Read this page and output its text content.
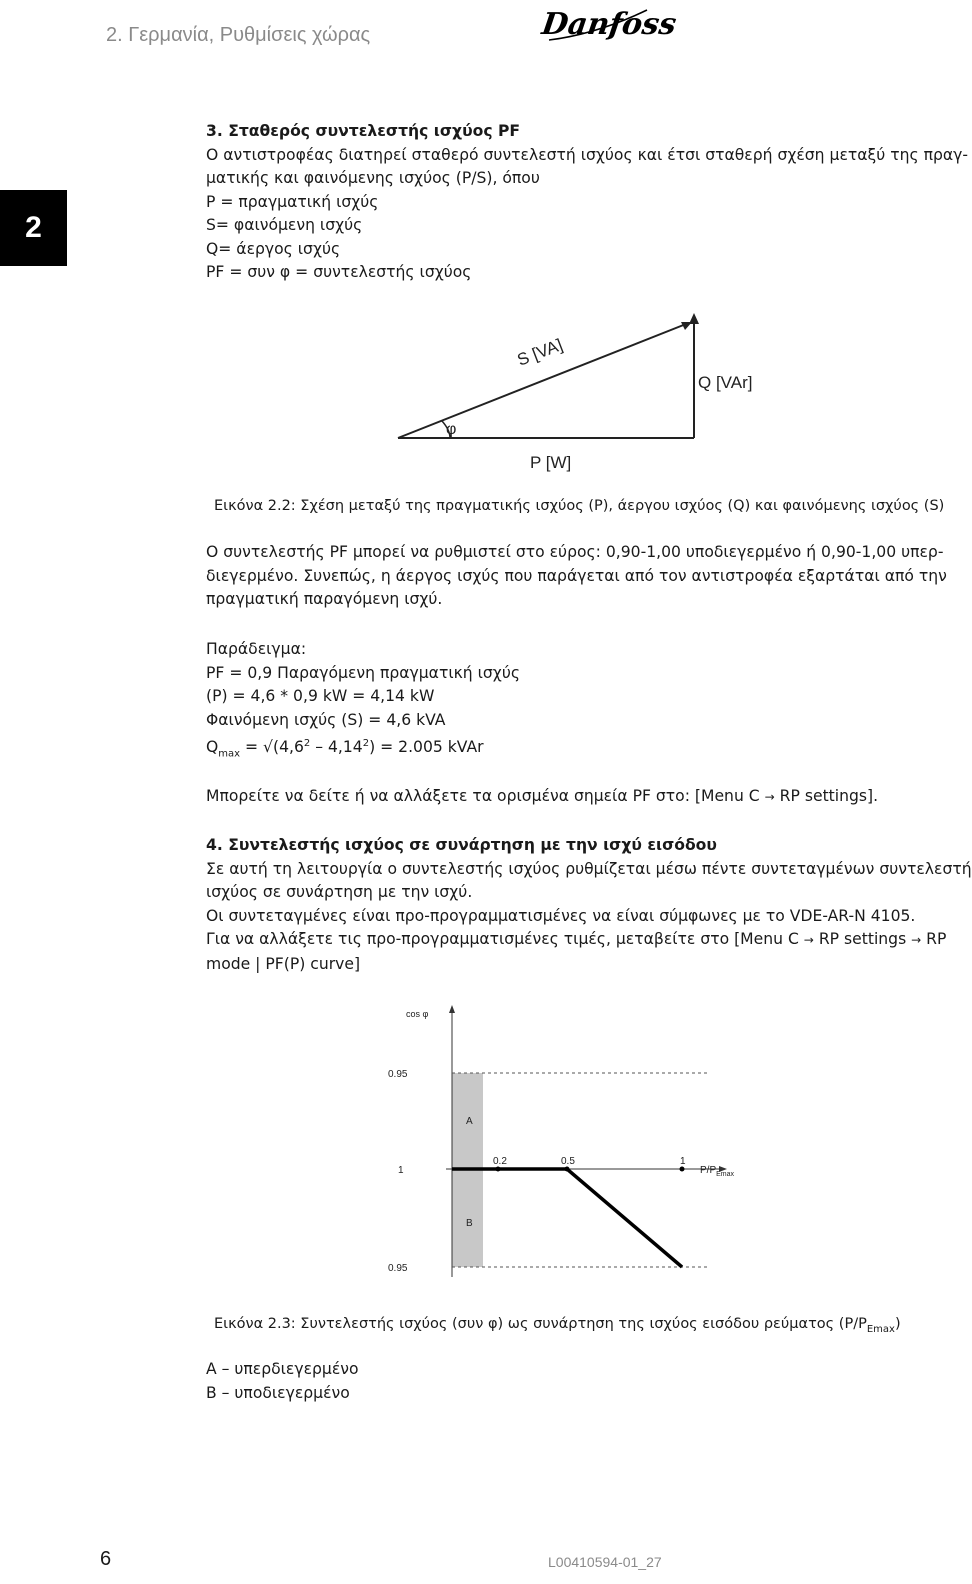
2. Γερμανία, Ρυθμίσεις χώρας	Danfoss
2
3. Σταθερός συντελεστής ισχύος PF
Ο αντιστροφέας διατηρεί σταθερό συντελεστή ισχύος και έτσι σταθερή σχέση μεταξύ της πραγ-
ματικής και φαινόμενης ισχύος (P/S), όπου
P = πραγματική ισχύς
S= φαινόμενη ισχύς
Q= άεργος ισχύς
PF = συν φ = συντελεστής ισχύος
φ
S [VA]
Q [VAr]
P [W]
Εικόνα 2.2: Σχέση μεταξύ της πραγματικής ισχύος (P), άεργου ισχύος (Q) και φαινόμενης ισχύος (S)
Ο συντελεστής PF μπορεί να ρυθμιστεί στο εύρος: 0,90-1,00 υποδιεγερμένο ή 0,90-1,00 υπερ-
διεγερμένο. Συνεπώς, η άεργος ισχύς που παράγεται από τον αντιστροφέα εξαρτάται από την
πραγματική παραγόμενη ισχύ.
Παράδειγμα:
PF = 0,9 Παραγόμενη πραγματική ισχύς
(P) = 4,6 * 0,9 kW = 4,14 kW
Φαινόμενη ισχύς (S) = 4,6 kVA
$Q_{max} = √(4,6^2 - 4,14^2) = 2.005$ kVAr
Μπορείτε να δείτε ή να αλλάξετε τα ορισμένα σημεία PF στο: [Menu C → RP settings].
4. Συντελεστής ισχύος σε συνάρτηση με την ισχύ εισόδου
Σε αυτή τη λειτουργία ο συντελεστής ισχύος ρυθμίζεται μέσω πέντε συντεταγμένων συντελεστή
ισχύος σε συνάρτηση με την ισχύ.
Οι συντεταγμένες είναι προ-προγραμματισμένες να είναι σύμφωνες με το VDE-AR-N 4105.
Για να αλλάξετε τις προ-προγραμματισμένες τιμές, μεταβείτε στο [Menu C → RP settings → RP
mode | PF(P) curve]
cos φ
0.95
1
0.95
0.2	0.5	1
$P/P_{Emax}$
A
B
Εικόνα 2.3: Συντελεστής ισχύος (συν φ) ως συνάρτηση της ισχύος εισόδου ρεύματος $(P/P_{Emax})$
A – υπερδιεγερμένο
B – υποδιεγερμένο
6	L00410594-01_27
